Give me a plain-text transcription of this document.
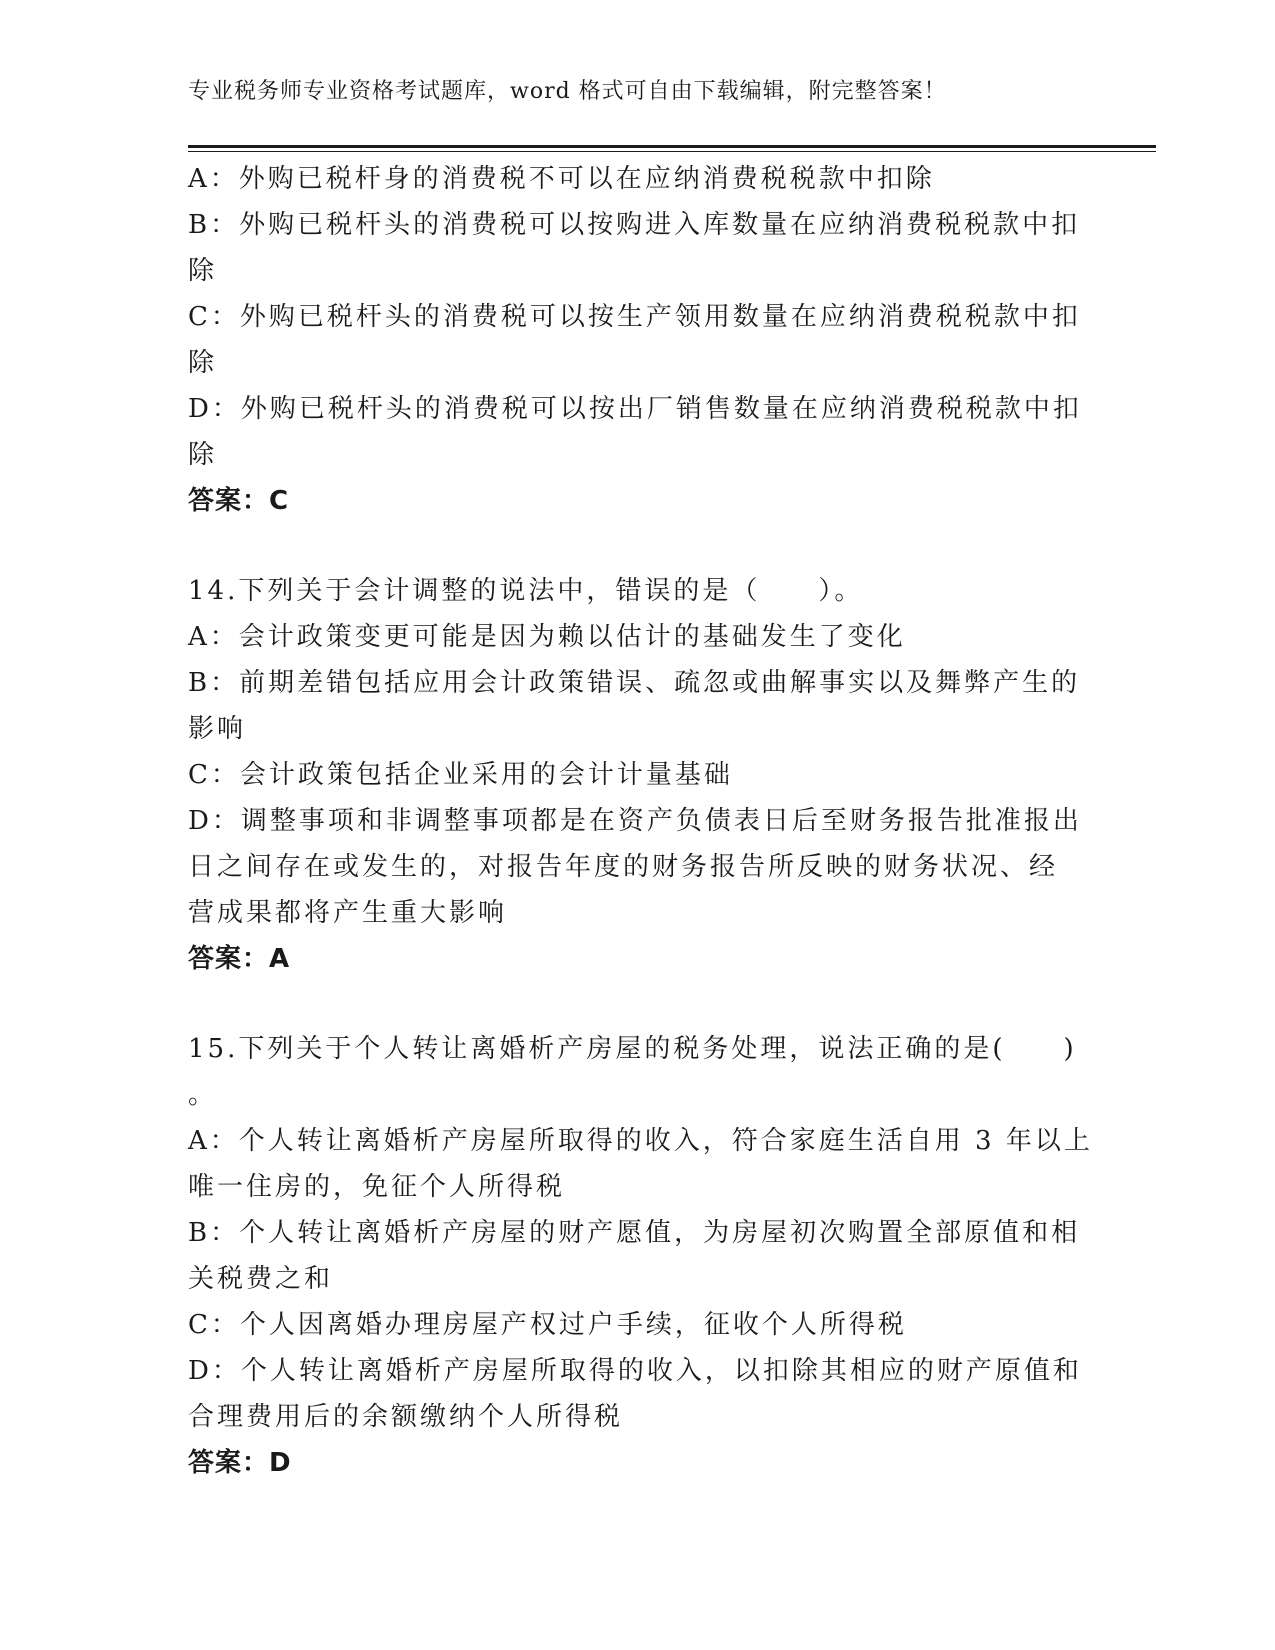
专业税务师专业资格考试题库，word 格式可自由下载编辑，附完整答案！
A：外购已税杆身的消费税不可以在应纳消费税税款中扣除
B：外购已税杆头的消费税可以按购进入库数量在应纳消费税税款中扣
除
C：外购已税杆头的消费税可以按生产领用数量在应纳消费税税款中扣
除
D：外购已税杆头的消费税可以按出厂销售数量在应纳消费税税款中扣
除
答案：C
14.下列关于会计调整的说法中，错误的是（　　）。
A：会计政策变更可能是因为赖以估计的基础发生了变化
B：前期差错包括应用会计政策错误、疏忽或曲解事实以及舞弊产生的
影响
C：会计政策包括企业采用的会计计量基础
D：调整事项和非调整事项都是在资产负债表日后至财务报告批准报出
日之间存在或发生的，对报告年度的财务报告所反映的财务状况、经
营成果都将产生重大影响
答案：A
15.下列关于个人转让离婚析产房屋的税务处理，说法正确的是(　　)
。
A：个人转让离婚析产房屋所取得的收入，符合家庭生活自用 3 年以上
唯一住房的，免征个人所得税
B：个人转让离婚析产房屋的财产愿值，为房屋初次购置全部原值和相
关税费之和
C：个人因离婚办理房屋产权过户手续，征收个人所得税
D：个人转让离婚析产房屋所取得的收入，以扣除其相应的财产原值和
合理费用后的余额缴纳个人所得税
答案：D
